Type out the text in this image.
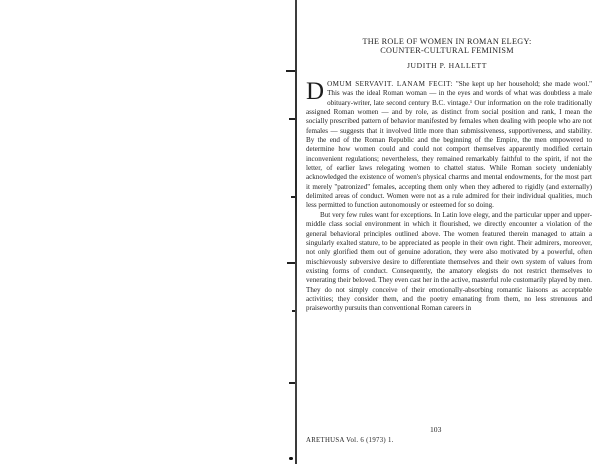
THE ROLE OF WOMEN IN ROMAN ELEGY:
COUNTER-CULTURAL FEMINISM
JUDITH P. HALLETT

DOMUM SERVAVIT. LANAM FECIT: "She kept up her household; she made wool." This was the ideal Roman woman — in the eyes and words of what was doubtless a male obituary-writer, late second century B.C. vintage.¹ Our information on the role traditionally assigned Roman women — and by role, as distinct from social position and rank, I mean the socially prescribed pattern of behavior manifested by females when dealing with people who are not females — suggests that it involved little more than submissiveness, supportiveness, and stability. By the end of the Roman Republic and the beginning of the Empire, the men empowered to determine how women could and could not comport themselves apparently modified certain inconvenient regulations; nevertheless, they remained remarkably faithful to the spirit, if not the letter, of earlier laws relegating women to chattel status. While Roman society undeniably acknowledged the existence of women's physical charms and mental endowments, for the most part it merely "patronized" females, accepting them only when they adhered to rigidly (and externally) delimited areas of conduct. Women were not as a rule admired for their individual qualities, much less permitted to function autonomously or esteemed for so doing.

But very few rules want for exceptions. In Latin love elegy, and the particular upper and upper-middle class social environment in which it flourished, we directly encounter a violation of the general behavioral principles outlined above. The women featured therein managed to attain a singularly exalted stature, to be appreciated as people in their own right. Their admirers, moreover, not only glorified them out of genuine adoration, they were also motivated by a powerful, often mischievously subversive desire to differentiate themselves and their own system of values from existing forms of conduct. Consequently, the amatory elegists do not restrict themselves to venerating their beloved. They even cast her in the active, masterful role customarily played by men. They do not simply conceive of their emotionally-absorbing romantic liaisons as acceptable activities; they consider them, and the poetry emanating from them, no less strenuous and praiseworthy pursuits than conventional Roman careers in

103
ARETHUSA Vol. 6 (1973) 1.
